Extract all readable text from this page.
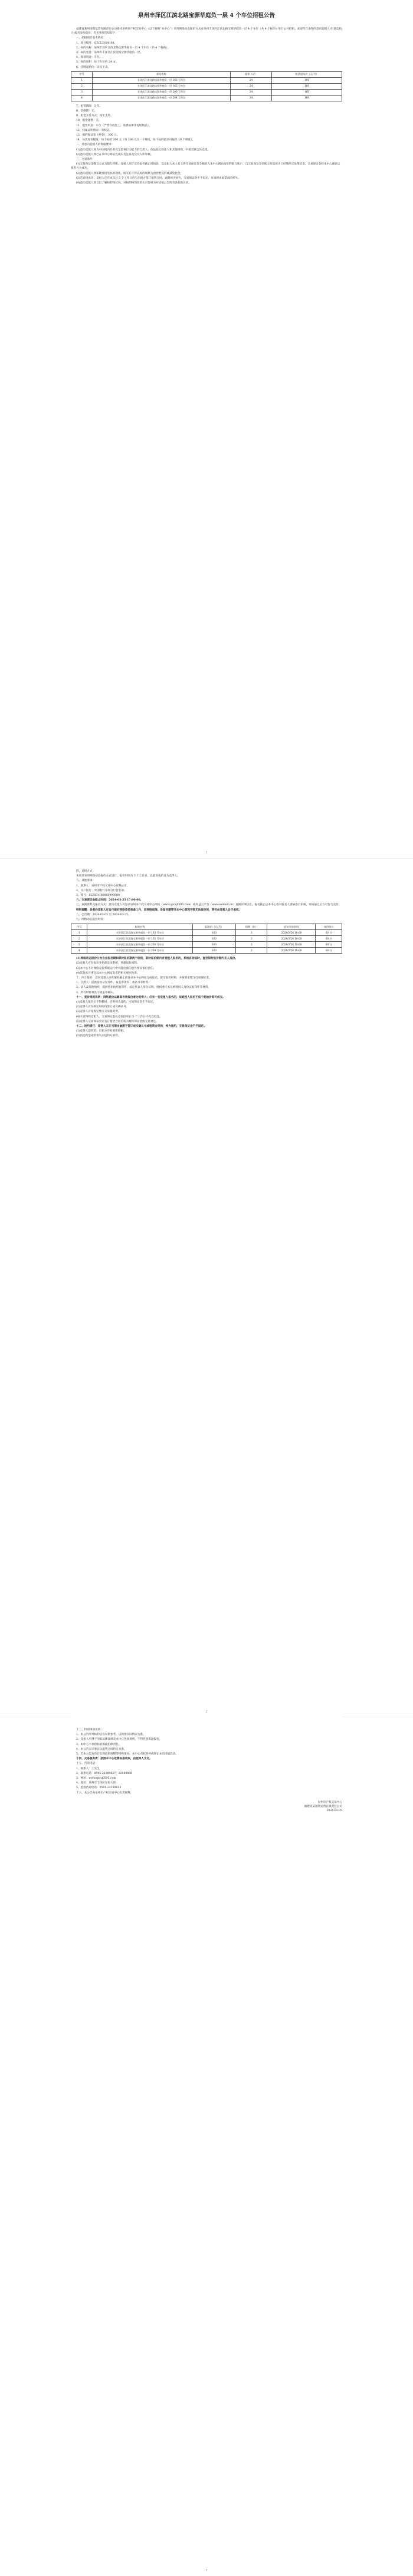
泉州丰泽区江滨北路宝源华庭负一层 4 个车位招租公告
福建省某州国资运营有限责任公司委托泉州市产权交易中心（以下简称“本中心”）采用网络动态报价方式对泉州丰泽区江滨北路宝源华庭负一层 4 个车位（共 4 个标的）进行公开招租。欢迎符合条件的意向竞租人(有意竞租人)报名参加竞价，有关事项告知如下：
一、招租项目基本情况：
1、项目编号：QZCL2024108。
2、标的名称：泉州丰泽区江滨北路宝源华庭负一层 4 个车位（共 4 个标的）。
3、标的坐落：泉州市丰泽区江滨北路宝源华庭负一层。
4、规划用途：车位。
5、标的面积：每个车位约 24 ㎡。
6、挂牌起始价：详见下表。
序号	标的名称	面积（㎡）	租金起始价（元/月）
1	丰泽区江滨北路宝源华庭负一层 163 号车位	24	160
2	丰泽区江滨北路宝源华庭负一层 165 号车位	24	160
3	丰泽区江滨北路宝源华庭负一层 200 号车位	24	160
4	丰泽区江滨北路宝源华庭负一层 204 号车位	24	160
7、租赁期限：3 年。
8、装修期：无。
9、租金支付方式：按年支付。
10、租金递增：无。
11、租赁用途：车位（严禁存放化工、易燃易爆等危险物品）。
12、权属证明情况：有权证。
13、履约保证金（押金）：300 元。
14、每次加价幅度：每个标的 300 元（每 300 元为一个梯度，每个标的最多可报价 10 个梯度）。
二、对意向竞租人的资格要求：
(1)意向竞租人须为中国境内具有完全民事行为能力的自然人、依法登记的法人和其他组织，不接受联合体竞租。
(2)意向竞租人须已在本中心网站完成实名注册及会员入库审核。
三、交易条件：
(1)交易保证金缴交方式为银行转账，竞租人须于竞价报名截止时间前，以竞租人本人名义将交易保证金全额转入本中心网站指定的银行账户，自交易保证金到账之时起视为已经缴纳交易保证金。交易保证金经本中心确认后报名方为成功。
(2)意向竞租人须知晓并接受标的现状，成交后不得以标的现状为由拒绝签约或减免租金。
(3)若竞租成功，竞租人应在成交后 5 个工作日内与出租方签订租赁合同，逾期视为放弃，交易保证金不予退还，并承担由此造成的损失。
(4)意向竞租人须自行了解标的物状况，对标的物现状的认可即视为对招租公告所有条款的认同。
1
四、竞租方式
本项目采用网络动态报价方式进行，报价时间为 3 个工作日，以最高报价者为竞得人。
五、其他事项
1、联系人：泉州市产权交易中心有限公司。
2、开户银行：中国银行泉州分行营业部。
3、账号：152691180860990980
六、交易保证金截止时间：2024-03-25 17:00:00。
七、查阅资料及报名方式：意向竞租人可登录泉州市产权交易中心网站（www.qzcq0595.com）或权益云平台（www.eolmid.cn）查阅详细信息，报名截止后本中心将对报名人资格进行审核，审核通过后方可参与竞价。
特别提醒：各意向竞租人应自行做好网络竞价准备工作，因网络故障、设备问题等非本中心原因导致无法报价的，责任由竞租人自行承担。
八、公告期：2024-03-05 至 2024-03-25。
九、网络动态报价时间：
序号	标的名称	起始价（元/月）	租期（年）	竞价开始时间	竞价时长
1	丰泽区江滨北路宝源华庭负一层 163 号车位	160	3	2024/3/26 10:00	60 分
2	丰泽区江滨北路宝源华庭负一层 165 号车位	160	3	2024/3/26 10:00	60 分
3	丰泽区江滨北路宝源华庭负一层 200 号车位	160	3	2024/3/26 10:00	60 分
4	丰泽区江滨北路宝源华庭负一层 204 号车位	160	3	2024/3/26 10:00	60 分
(1)网络动态报价分为自由报价期和限时报价期两个阶段，限时报价期内有竞租人报价的，系统自动延时，直至限时报价期内无人报价。
(2)竞租人应在报价开始前登录系统，熟悉报价流程。
(3)本中心不对网络竞价系统运行中可能出现的意外情况承担责任。
(4)其他未尽事宜以本中心网站发布的相关规则为准。
十、网上报名：意向竞租人应在报名截止前登录本中心网站完成报名，提交报名材料，并按要求缴交交易保证金。
1、自然人：提供身份证复印件、报名申请书、承诺书等材料。
2、法人及其他组织：提供营业执照复印件、法定代表人身份证明、授权委托书及被授权人身份证复印件等材料。
3、所有材料须签字或盖章确认。
十一、竞价规则说明：网络竞价以最高有效报价者为竞得人；仅有一名竞租人报名的，该竞租人报价不低于起始价即可成交。
(1)竞租人报价后不得撤回，否则视为违约，交易保证金不予退还。
(2)竞得人应在规定时间内签订成交确认书。
(3)竞得人应按规定缴交交易服务费。
(4)未竞得的竞租人，交易保证金在竞价结束后 5 个工作日内无息退还。
(5)竞得人交易保证金在签订租赁合同后转为履约保证金或无息退还。
十二、违约责任：竞得人无正当理由逾期不签订成交确认书或租赁合同的，视为违约，交易保证金不予退还。
(1)竞得人违约的，出租方有权重新招租。
(2)因违约造成的损失由违约方承担。
2
十三、特别事项说明：
1、本公告所列标的信息仅供参考，以现场实际情况为准。
2、竞租人应遵守国家法律法规及本中心各项规则，不得恶意串通报价。
3、本中心不承担标的瑕疵担保责任。
4、本公告未尽事宜以租赁合同约定为准。
5、若本公告发布后出现政策调整等特殊情况，本中心有权暂停或终止本次招租活动。
十四、交易服务费：按照本中心收费标准收取，由竞得人支付。
十五、咨询电话：
1、联系人：王先生
2、联系电话：0595-22189827、22189806
3、网址：www.qzcq0595.com
4、地址：泉州市丰泽区东海大街
5、监督咨询电话：0595-22189813
十六、本公告由泉州市产权交易中心负责解释。
泉州市产权交易中心
福建省某国资运营有限责任公司
2024-03-05
3
